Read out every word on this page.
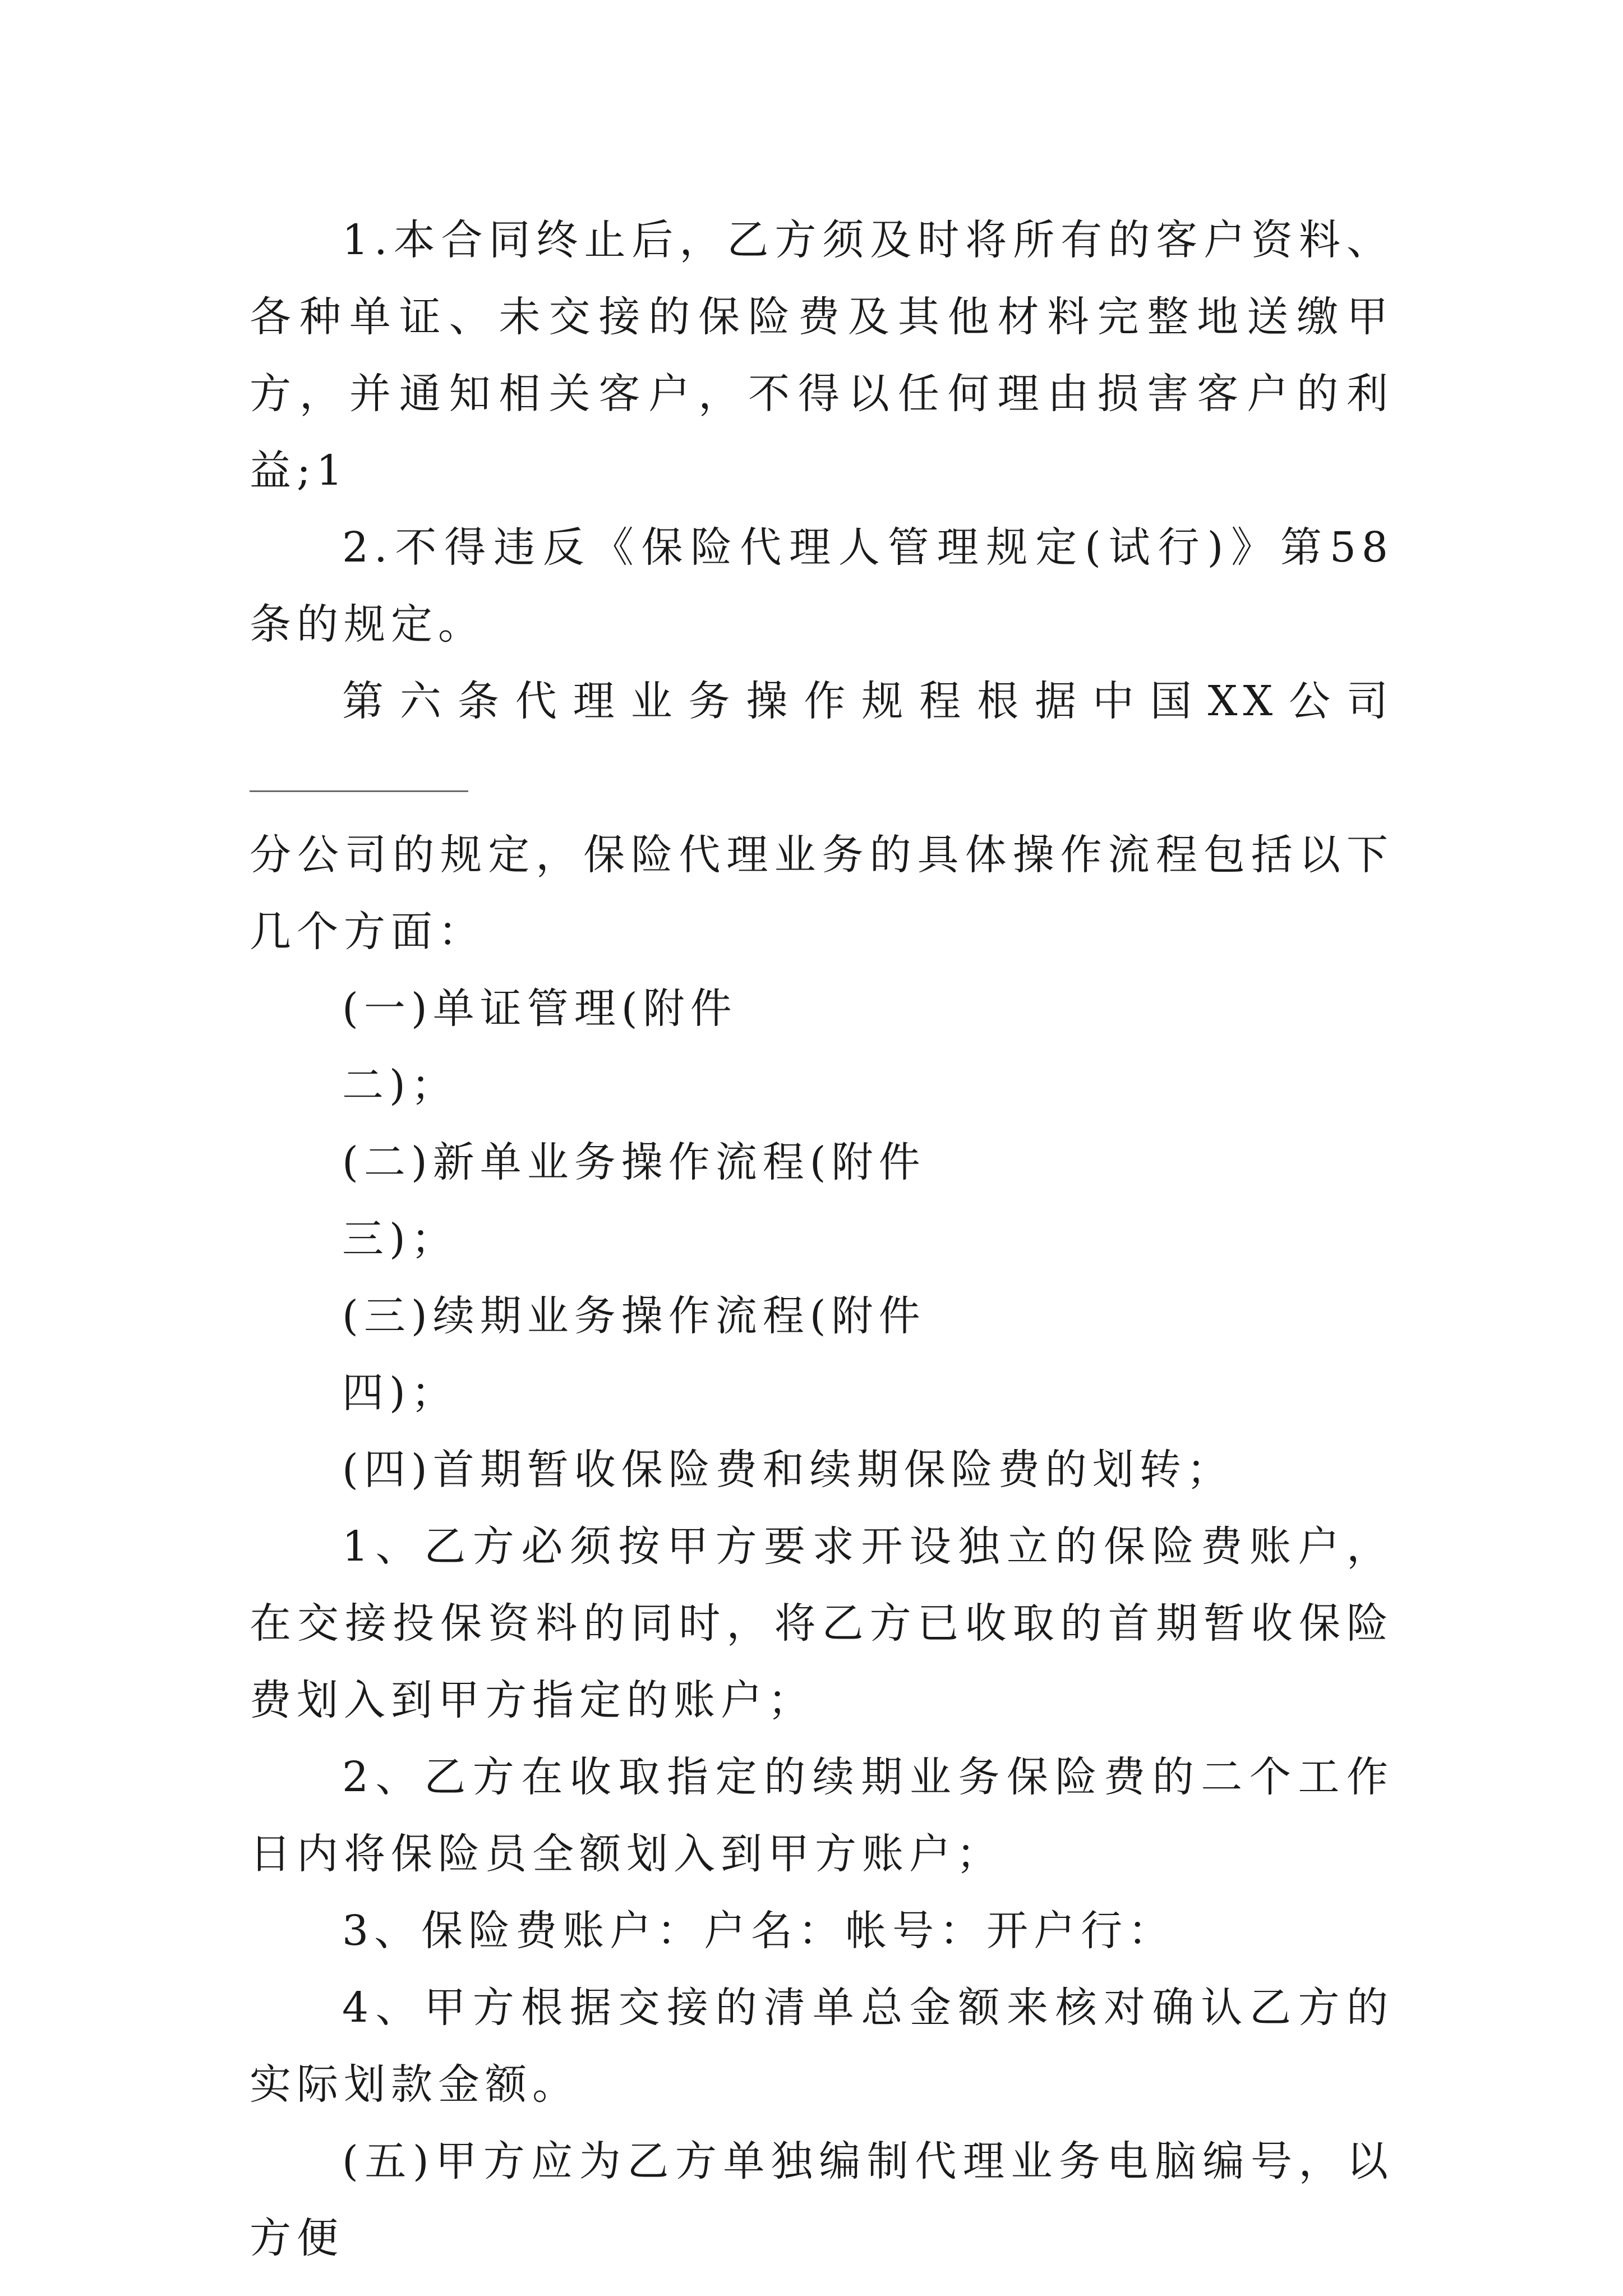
1.本合同终止后，乙方须及时将所有的客户资料、各种单证、未交接的保险费及其他材料完整地送缴甲方，并通知相关客户，不得以任何理由损害客户的利益;1

2.不得违反《保险代理人管理规定(试行)》第58条的规定。

第六条代理业务操作规程根据中国XX公司

分公司的规定，保险代理业务的具体操作流程包括以下几个方面：

(一)单证管理(附件

二)；

(二)新单业务操作流程(附件

三)；

(三)续期业务操作流程(附件

四)；

(四)首期暂收保险费和续期保险费的划转；

1、乙方必须按甲方要求开设独立的保险费账户，在交接投保资料的同时，将乙方已收取的首期暂收保险费划入到甲方指定的账户；

2、乙方在收取指定的续期业务保险费的二个工作日内将保险员全额划入到甲方账户；

3、保险费账户：户名：帐号：开户行：

4、甲方根据交接的清单总金额来核对确认乙方的实际划款金额。

(五)甲方应为乙方单独编制代理业务电脑编号，以方便
